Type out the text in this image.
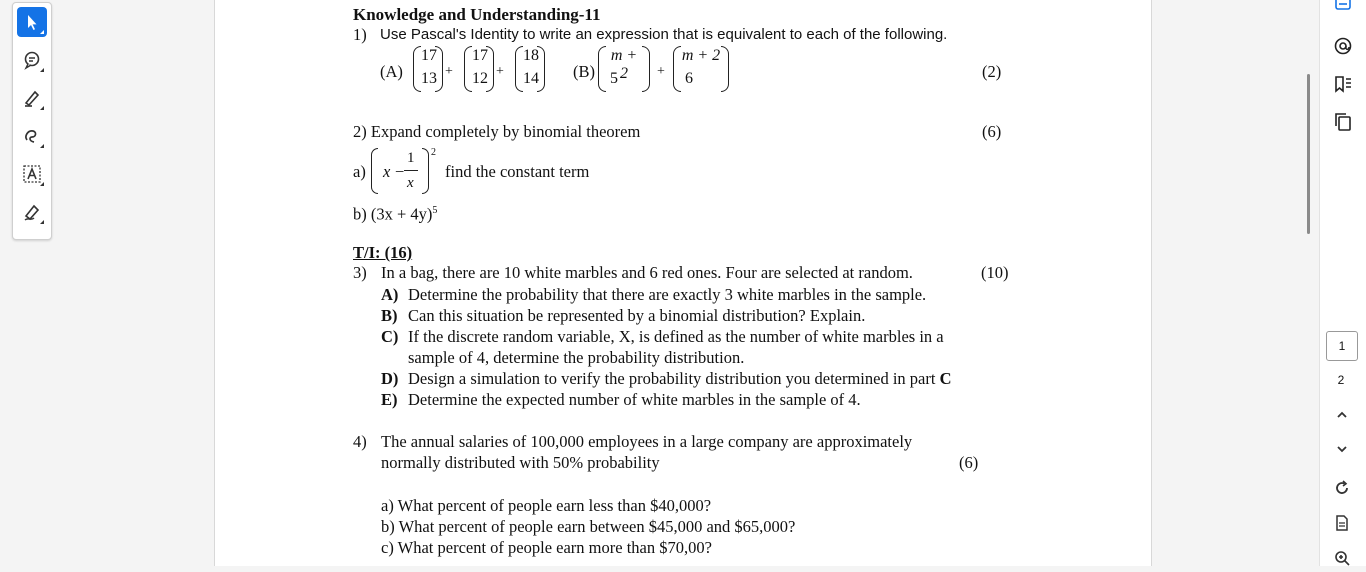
Knowledge and Understanding-11
1) Use Pascal's Identity to write an expression that is equivalent to each of the following.
(A)
17
13 +
17
12 +
18
14 (B)
m + 2
5	+
m + 2
6	(2)
2) Expand completely by binomial theorem	(6)
a) x −
1
x
2
find the constant term
b) $(3x + 4y)^5$
T/I: (16)
3) In a bag, there are 10 white marbles and 6 red ones. Four are selected at random.	(10)
A) Determine the probability that there are exactly 3 white marbles in the sample.
B) Can this situation be represented by a binomial distribution? Explain.
C) If the discrete random variable, X, is defined as the number of white marbles in a
sample of 4, determine the probability distribution.
D) Design a simulation to verify the probability distribution you determined in part C
E) Determine the expected number of white marbles in the sample of 4.
4) The annual salaries of 100,000 employees in a large company are approximately
normally distributed with 50% probability	(6)
a) What percent of people earn less than $40,000?
b) What percent of people earn between $45,000 and $65,000?
c) What percent of people earn more than $70,00?
1
2
